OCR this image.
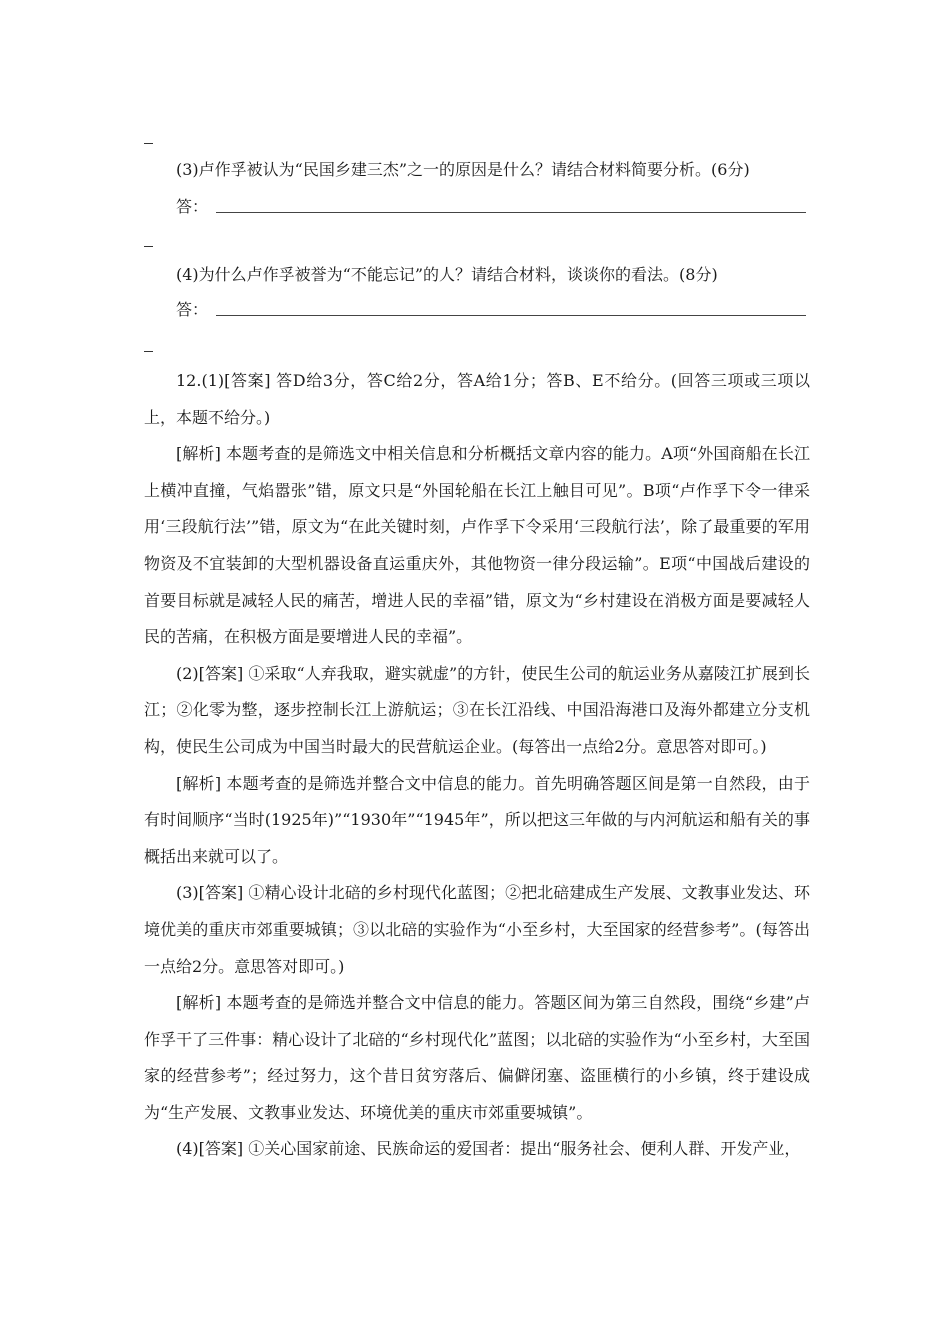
(3)卢作孚被认为“民国乡建三杰”之一的原因是什么？请结合材料简要分析。(6分)
答：
(4)为什么卢作孚被誉为“不能忘记”的人？请结合材料，谈谈你的看法。(8分)
答：

12.(1)[答案] 答D给3分，答C给2分，答A给1分；答B、E不给分。(回答三项或三项以上，本题不给分。)

[解析] 本题考查的是筛选文中相关信息和分析概括文章内容的能力。A项“外国商船在长江上横冲直撞，气焰嚣张”错，原文只是“外国轮船在长江上触目可见”。B项“卢作孚下令一律采用‘三段航行法’”错，原文为“在此关键时刻，卢作孚下令采用‘三段航行法’，除了最重要的军用物资及不宜装卸的大型机器设备直运重庆外，其他物资一律分段运输”。E项“中国战后建设的首要目标就是减轻人民的痛苦，增进人民的幸福”错，原文为“乡村建设在消极方面是要减轻人民的苦痛，在积极方面是要增进人民的幸福”。

(2)[答案] ①采取“人弃我取，避实就虚”的方针，使民生公司的航运业务从嘉陵江扩展到长江；②化零为整，逐步控制长江上游航运；③在长江沿线、中国沿海港口及海外都建立分支机构，使民生公司成为中国当时最大的民营航运企业。(每答出一点给2分。意思答对即可。)

[解析] 本题考查的是筛选并整合文中信息的能力。首先明确答题区间是第一自然段，由于有时间顺序“当时(1925年)”“1930年”“1945年”，所以把这三年做的与内河航运和船有关的事概括出来就可以了。

(3)[答案] ①精心设计北碚的乡村现代化蓝图；②把北碚建成生产发展、文教事业发达、环境优美的重庆市郊重要城镇；③以北碚的实验作为“小至乡村，大至国家的经营参考”。(每答出一点给2分。意思答对即可。)

[解析] 本题考查的是筛选并整合文中信息的能力。答题区间为第三自然段，围绕“乡建”卢作孚干了三件事：精心设计了北碚的“乡村现代化”蓝图；以北碚的实验作为“小至乡村，大至国家的经营参考”；经过努力，这个昔日贫穷落后、偏僻闭塞、盗匪横行的小乡镇，终于建设成为“生产发展、文教事业发达、环境优美的重庆市郊重要城镇”。

(4)[答案] ①关心国家前途、民族命运的爱国者：提出“服务社会、便利人群、开发产业，
